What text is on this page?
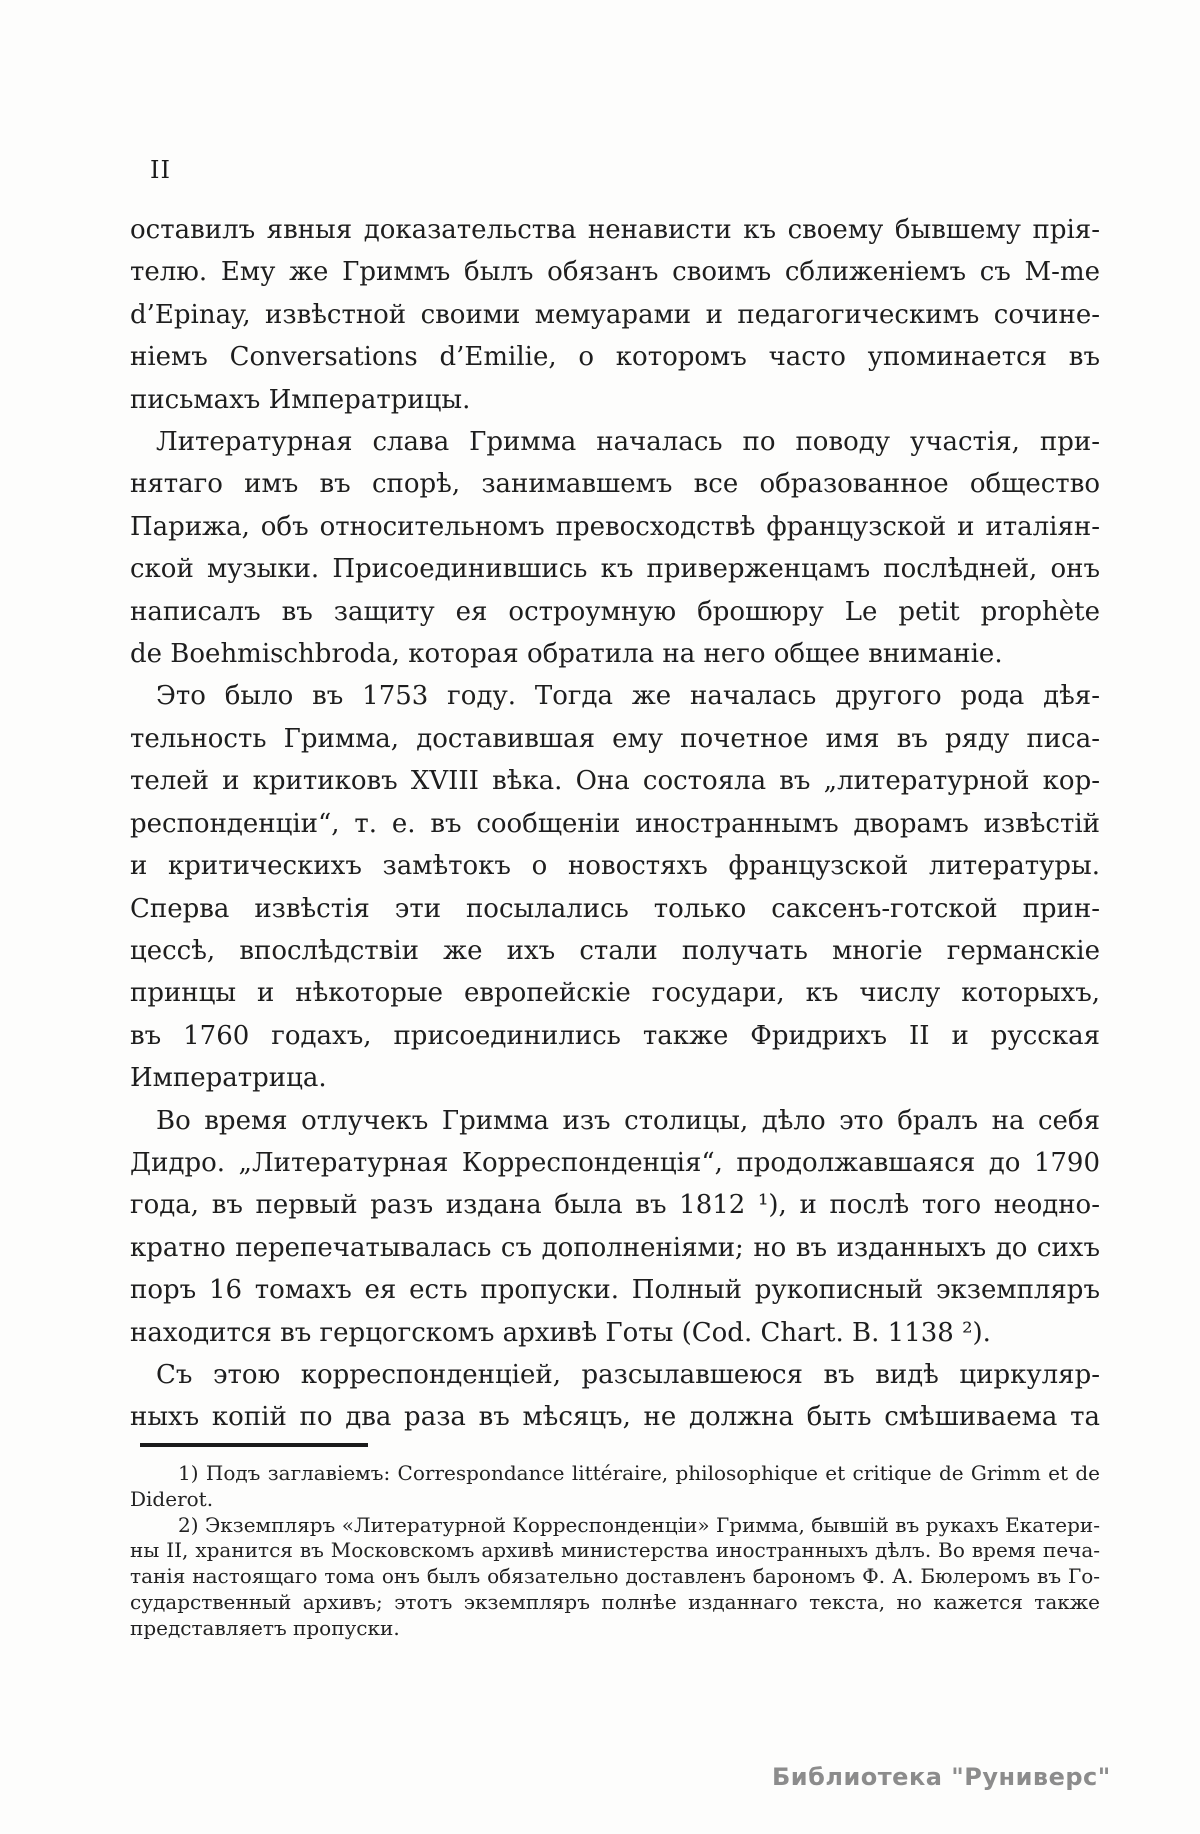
II
оставилъ явныя доказательства ненависти къ своему бывшему прія-
телю. Ему же Гриммъ былъ обязанъ своимъ сближеніемъ съ M-me
d’Epinay, извѣстной своими мемуарами и педагогическимъ сочине-
ніемъ Conversations d’Emilie, о которомъ часто упоминается въ
письмахъ Императрицы.
Литературная слава Гримма началась по поводу участія, при-
нятаго имъ въ спорѣ, занимавшемъ все образованное общество
Парижа, объ относительномъ превосходствѣ французской и италіян-
ской музыки. Присоединившись къ приверженцамъ послѣдней, онъ
написалъ въ защиту ея остроумную брошюру Le petit prophète
de Boehmischbroda, которая обратила на него общее вниманіе.
Это было въ 1753 году. Тогда же началась другого рода дѣя-
тельность Гримма, доставившая ему почетное имя въ ряду писа-
телей и критиковъ XVIII вѣка. Она состояла въ „литературной кор-
респонденціи“, т. е. въ сообщеніи иностраннымъ дворамъ извѣстій
и критическихъ замѣтокъ о новостяхъ французской литературы.
Сперва извѣстія эти посылались только саксенъ-готской прин-
цессѣ, впослѣдствіи же ихъ стали получать многіе германскіе
принцы и нѣкоторые европейскіе государи, къ числу которыхъ,
въ 1760 годахъ, присоединились также Фридрихъ II и русская
Императрица.
Во время отлучекъ Гримма изъ столицы, дѣло это бралъ на себя
Дидро. „Литературная Корреспонденція“, продолжавшаяся до 1790
года, въ первый разъ издана была въ 1812 ¹), и послѣ того неодно-
кратно перепечатывалась съ дополненіями; но въ изданныхъ до сихъ
поръ 16 томахъ ея есть пропуски. Полный рукописный экземпляръ
находится въ герцогскомъ архивѣ Готы (Cod. Chart. B. 1138 ²).
Съ этою корреспонденціей, разсылавшеюся въ видѣ циркуляр-
ныхъ копій по два раза въ мѣсяцъ, не должна быть смѣшиваема та
1) Подъ заглавіемъ: Correspondance littéraire, philosophique et critique de Grimm et de
Diderot.
2) Экземпляръ «Литературной Корреспонденціи» Гримма, бывшій въ рукахъ Екатери-
ны II, хранится въ Московскомъ архивѣ министерства иностранныхъ дѣлъ. Во время печа-
танія настоящаго тома онъ былъ обязательно доставленъ барономъ Ф. А. Бюлеромъ въ Го-
сударственный архивъ; этотъ экземпляръ полнѣе изданнаго текста, но кажется также
представляетъ пропуски.
Библиотека "Руниверс"
